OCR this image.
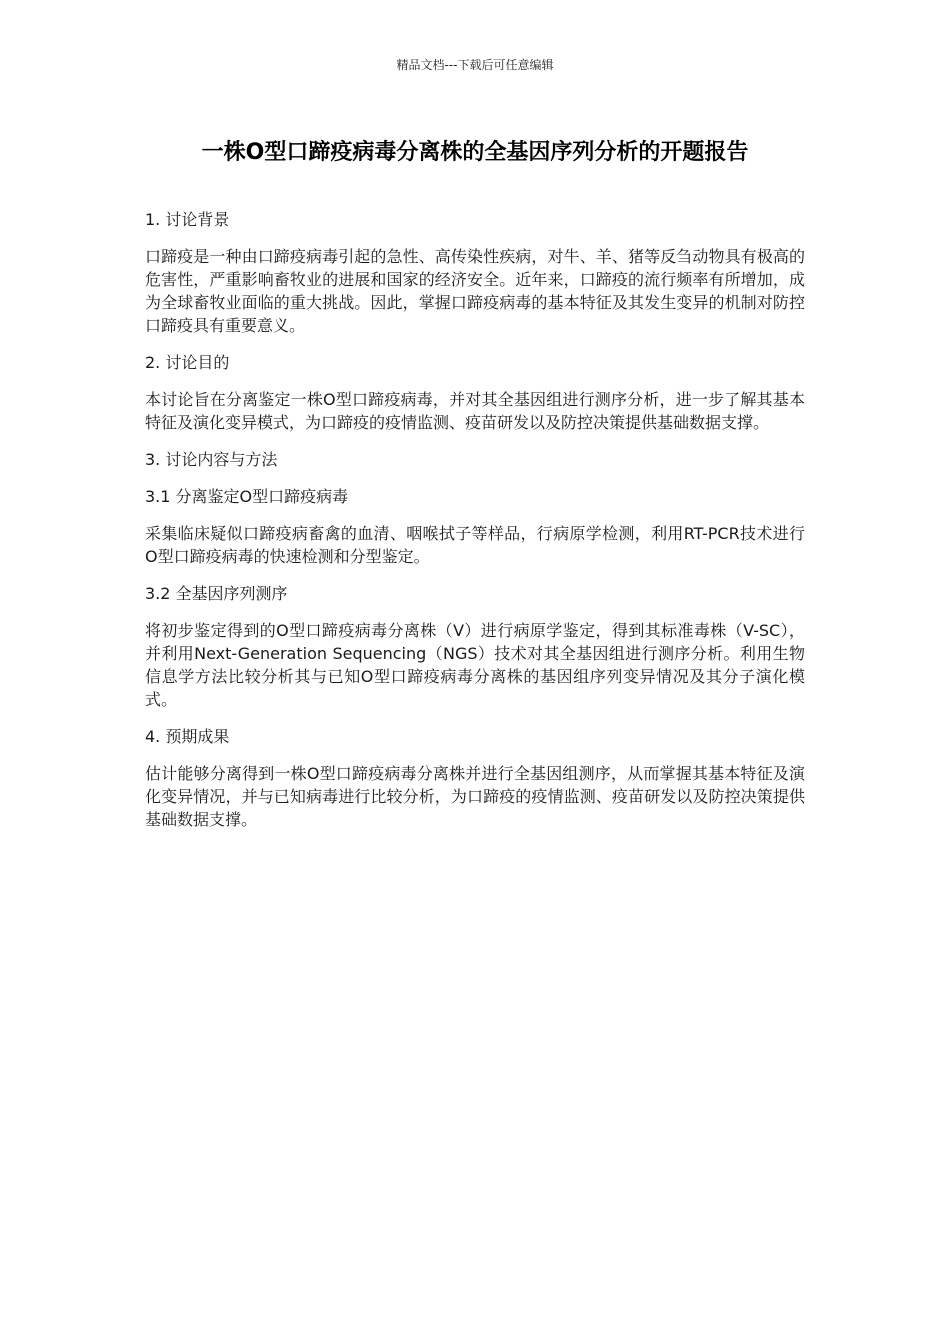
精品文档---下载后可任意编辑
一株O型口蹄疫病毒分离株的全基因序列分析的开题报告
1. 讨论背景

口蹄疫是一种由口蹄疫病毒引起的急性、高传染性疾病，对牛、羊、猪等反刍动物具有极高的危害性，严重影响畜牧业的进展和国家的经济安全。近年来，口蹄疫的流行频率有所增加，成为全球畜牧业面临的重大挑战。因此，掌握口蹄疫病毒的基本特征及其发生变异的机制对防控口蹄疫具有重要意义。

2. 讨论目的

本讨论旨在分离鉴定一株O型口蹄疫病毒，并对其全基因组进行测序分析，进一步了解其基本特征及演化变异模式，为口蹄疫的疫情监测、疫苗研发以及防控决策提供基础数据支撑。

3. 讨论内容与方法
3.1 分离鉴定O型口蹄疫病毒

采集临床疑似口蹄疫病畜禽的血清、咽喉拭子等样品，行病原学检测，利用RT-PCR技术进行O型口蹄疫病毒的快速检测和分型鉴定。

3.2 全基因序列测序

将初步鉴定得到的O型口蹄疫病毒分离株（V）进行病原学鉴定，得到其标准毒株（V-SC），并利用Next-Generation Sequencing（NGS）技术对其全基因组进行测序分析。利用生物信息学方法比较分析其与已知O型口蹄疫病毒分离株的基因组序列变异情况及其分子演化模式。

4. 预期成果

估计能够分离得到一株O型口蹄疫病毒分离株并进行全基因组测序，从而掌握其基本特征及演化变异情况，并与已知病毒进行比较分析，为口蹄疫的疫情监测、疫苗研发以及防控决策提供基础数据支撑。
